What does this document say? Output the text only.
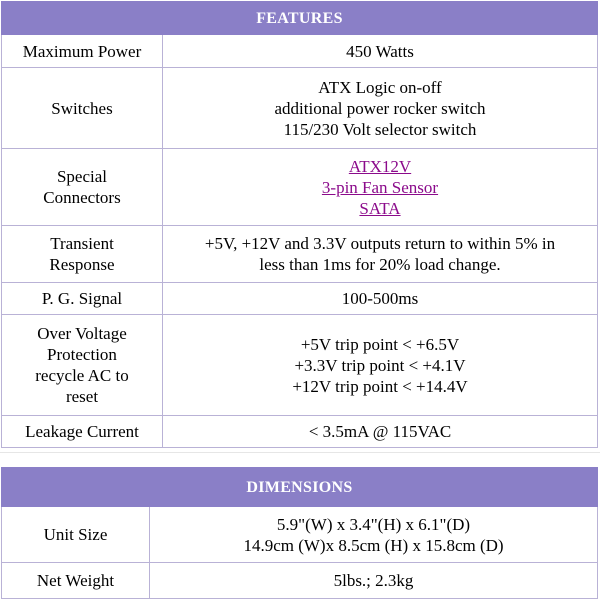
FEATURES	
Maximum Power	450 Watts

Switches	ATX Logic on-off
additional power rocker switch
115/230 Volt selector switch

Special
Connectors	ATX12V
3-pin Fan Sensor
SATA

Transient
Response	+5V, +12V and 3.3V outputs return to within 5% in
less than 1ms for 20% load change.

P. G. Signal	100-500ms

Over Voltage
Protection
recycle AC to
reset	+5V trip point < +6.5V
+3.3V trip point < +4.1V
+12V trip point < +14.4V

Leakage Current	< 3.5mA @ 115VAC
DIMENSIONS	
Unit Size	5.9"(W) x 3.4"(H) x 6.1"(D)
14.9cm (W)x 8.5cm (H) x 15.8cm (D)

Net Weight	5lbs.; 2.3kg
